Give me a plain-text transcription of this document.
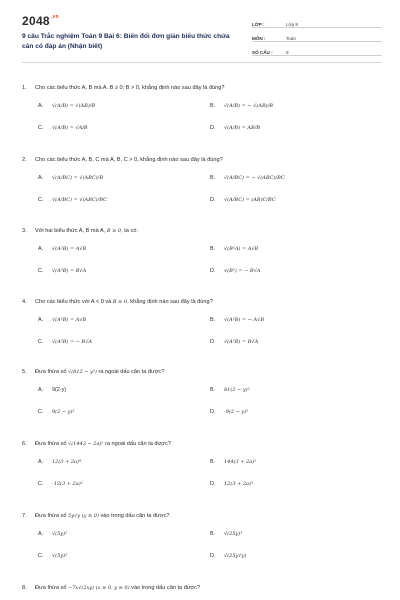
$2048^{.vn}$
9 câu Trắc nghiệm Toán 9 Bài 6: Biến đổi đơn giản biểu thức chứa căn có đáp án (Nhận biết)
LỚP :	Lớp 9
MÔN :	Toán
SỐ CÂU :	9
1. Cho các biểu thức A, B mà A. B ≥ 0; B > 0, khẳng định nào sau đây là đúng?
A. √(A/B) = √(AB)/B	B. √(A/B) = − √(AB)/B
C. √(A/B) = √A/B	D. √(A/B) = AB/B
2. Cho các biểu thức A, B, C mà A, B, C > 0, khẳng định nào sau đây là đúng?
A. √(A/BC) = √(ABC)/B	B. √(A/BC) = − √(ABC)/BC
C. √(A/BC) = √(ABC)/BC	D. √(A/BC) = (AB)C/BC
3. Với hai biểu thức A, B mà A, B ≥ 0, ta có:
A. √(A²B) = A√B	B. √(B²A) = A√B
C. √(A²B) = B√A	D. √(B²) = − B√A
4. Cho các biểu thức với A < 0 và B ≥ 0, khẳng định nào sau đây là đúng?
A. √(A²B) = A√B	B. √(A²B) = − A√B
C. √(A²B) = − B√A	D. √(A²B) = B√A
5. Đưa thừa số √(812 − y²) ra ngoài dấu căn ta được?
A. 9(2-y)	B. 81(2 − y)²
C. 9(2 − y)²	D. -9(2 − y)²
6. Đưa thừa số √(1443 − 2a)² ra ngoài dấu căn ta được?
A. 12(3 + 2a)⁴	B. 144(3 + 2a)²
C. -12(3 + 2a)²	D. 12(3 + 2a)²
7. Đưa thừa số 5y√y (y ≥ 0) vào trong dấu căn ta được?
A. √(5y)²	B. √(25y)³
C. √(5y)³	D. √(25y√y)
8. Đưa thừa số −7x√(2xy) (x ≥ 0, y ≥ 0) vào trong dấu căn ta được?
